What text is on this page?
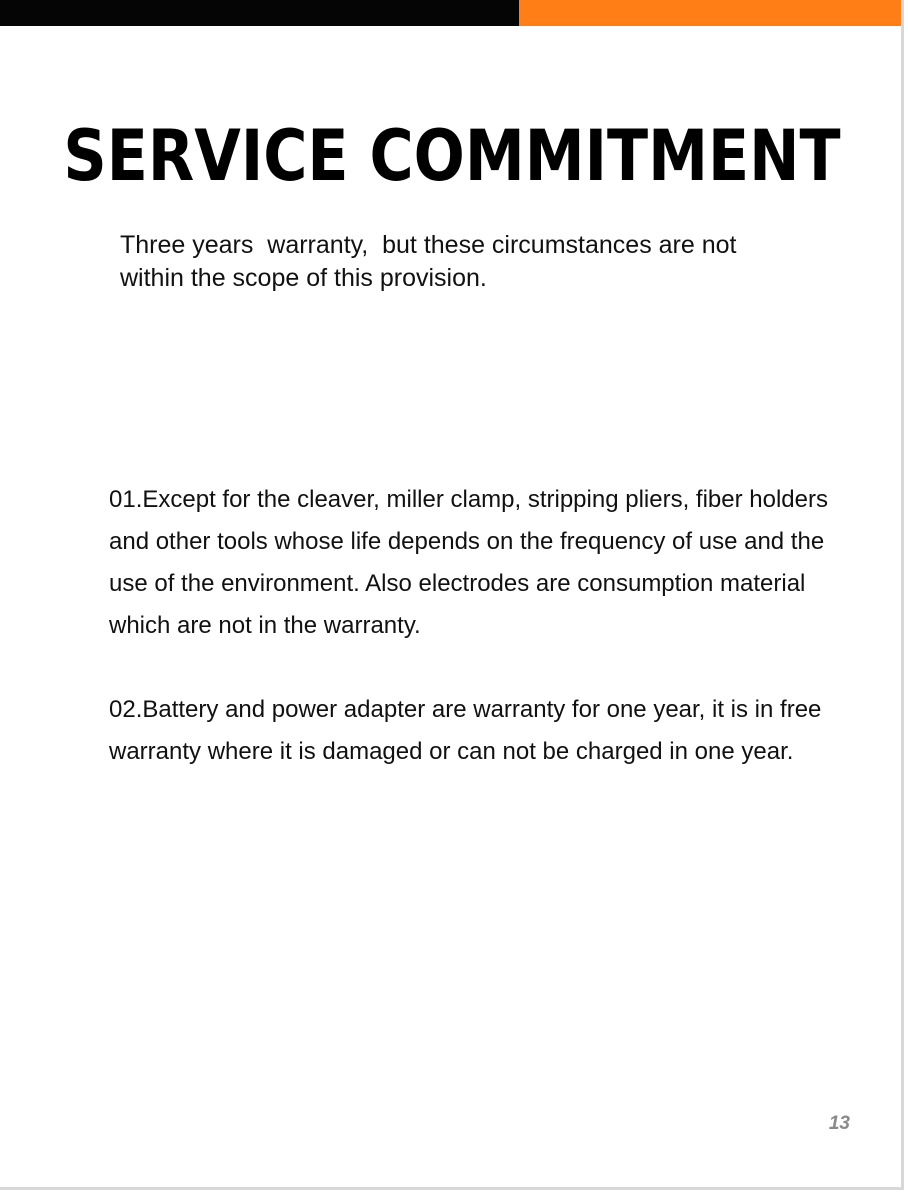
SERVICE COMMITMENT
Three years  warranty,  but these circumstances are not
within the scope of this provision.
01.Except for the cleaver, miller clamp, stripping pliers, fiber holders and other tools whose life depends on the frequency of use and the use of the environment. Also electrodes are consumption material which are not in the warranty.
02.Battery and power adapter are warranty for one year, it is in free warranty where it is damaged or can not be charged in one year.
13
